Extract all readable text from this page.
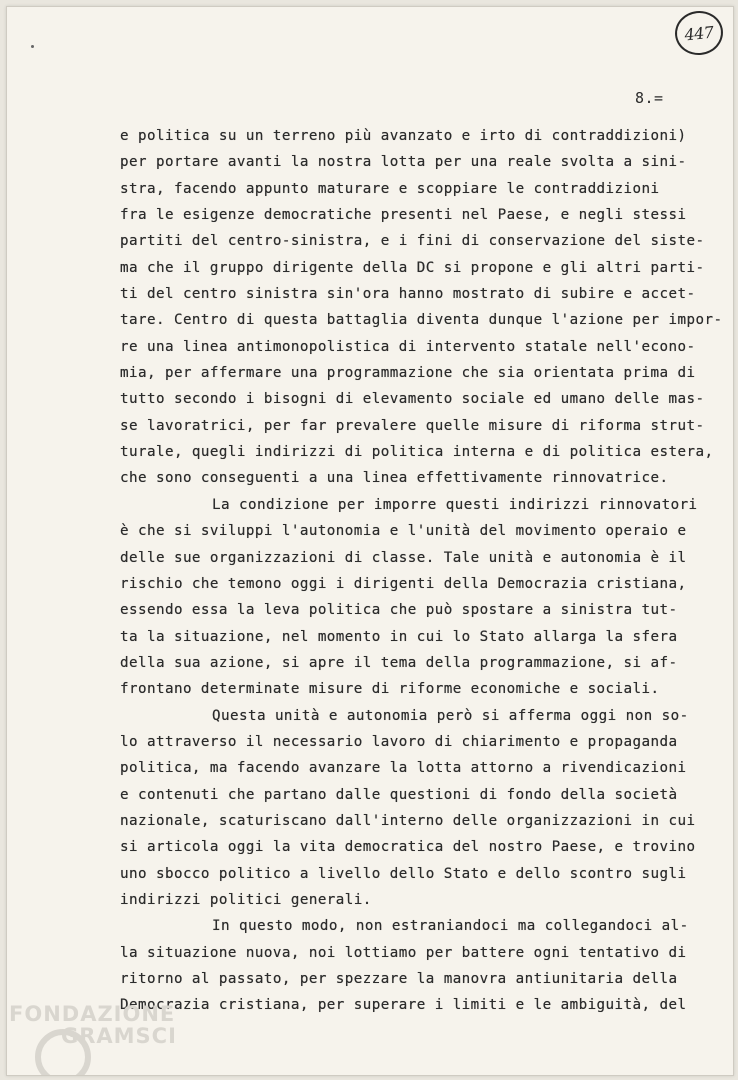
447
8.=
e politica su un terreno più avanzato e irto di contraddizioni)
per portare avanti la nostra lotta per una reale svolta a sini-
stra, facendo appunto maturare e scoppiare le contraddizioni
fra le esigenze democratiche presenti nel Paese, e negli stessi
partiti del centro-sinistra, e i fini di conservazione del siste-
ma che il gruppo dirigente della DC si propone e gli altri parti-
ti del centro sinistra sin'ora hanno mostrato di subire e accet-
tare. Centro di questa battaglia diventa dunque l'azione per impor-
re una linea antimonopolistica di intervento statale nell'econo-
mia, per affermare una programmazione che sia orientata prima di
tutto secondo i bisogni di elevamento sociale ed umano delle mas-
se lavoratrici, per far prevalere quelle misure di riforma strut-
turale, quegli indirizzi di politica interna e di politica estera,
che sono conseguenti a una linea effettivamente rinnovatrice.
La condizione per imporre questi indirizzi rinnovatori
è che si sviluppi l'autonomia e l'unità del movimento operaio e
delle sue organizzazioni di classe. Tale unità e autonomia è il
rischio che temono oggi i dirigenti della Democrazia cristiana,
essendo essa la leva politica che può spostare a sinistra tut-
ta la situazione, nel momento in cui lo Stato allarga la sfera
della sua azione, si apre il tema della programmazione, si af-
frontano determinate misure di riforme economiche e sociali.
Questa unità e autonomia però si afferma oggi non so-
lo attraverso il necessario lavoro di chiarimento e propaganda
politica, ma facendo avanzare la lotta attorno a rivendicazioni
e contenuti che partano dalle questioni di fondo della società
nazionale, scaturiscano dall'interno delle organizzazioni in cui
si articola oggi la vita democratica del nostro Paese, e trovino
uno sbocco politico a livello dello Stato e dello scontro sugli
indirizzi politici generali.
In questo modo, non estraniandoci ma collegandoci al-
la situazione nuova, noi lottiamo per battere ogni tentativo di
ritorno al passato, per spezzare la manovra antiunitaria della
Democrazia cristiana, per superare i limiti e le ambiguità, del
FONDAZIONE
GRAMSCI
